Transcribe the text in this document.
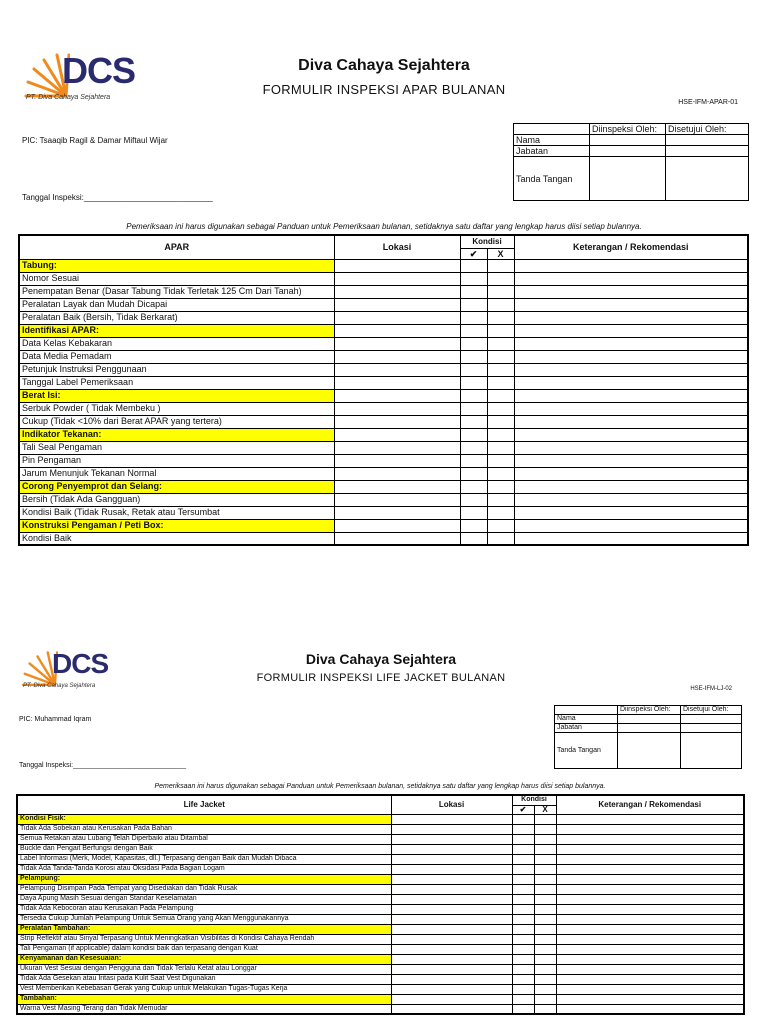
DCS
PT. Diva Cahaya Sejahtera
Diva Cahaya Sejahtera
FORMULIR INSPEKSI APAR BULANAN
HSE-IFM-APAR-01
PIC: Tsaaqib Ragil & Damar Miftaul Wijar
Tanggal Inspeksi:_____________________________
	Diinspeksi Oleh:	Disetujui Oleh:
Nama		
Jabatan		
Tanda Tangan		
Pemeriksaan ini harus digunakan sebagai Panduan untuk Pemeriksaan bulanan, setidaknya satu daftar yang lengkap harus diisi setiap bulannya.
APAR	Lokasi	Kondisi		Keterangan / Rekomendasi
		✔	X	
Tabung:				
Nomor Sesuai				
Penempatan Benar (Dasar Tabung Tidak Terletak 125 Cm Dari Tanah)				
Peralatan Layak dan Mudah Dicapai				
Peralatan Baik (Bersih, Tidak Berkarat)				
Identifikasi APAR:				
Data Kelas Kebakaran				
Data Media Pemadam				
Petunjuk Instruksi Penggunaan				
Tanggal Label Pemeriksaan				
Berat Isi:				
Serbuk Powder ( Tidak Membeku )				
Cukup (Tidak <10% dari Berat APAR yang tertera)				
Indikator Tekanan:				
Tali Seal Pengaman				
Pin Pengaman				
Jarum Menunjuk Tekanan Normal				
Corong Penyemprot dan Selang:				
Bersih (Tidak Ada Gangguan)				
Kondisi Baik (Tidak Rusak, Retak atau Tersumbat				
Konstruksi Pengaman / Peti Box:				
Kondisi Baik				
DCS
PT. Diva Cahaya Sejahtera
Diva Cahaya Sejahtera
FORMULIR INSPEKSI LIFE JACKET BULANAN
HSE-IFM-LJ-02
PIC: Muhammad Iqram
Tanggal Inspeksi:_____________________________
	Diinspeksi Oleh:	Disetujui Oleh:
Nama		
Jabatan		
Tanda Tangan		
Pemeriksaan ini harus digunakan sebagai Panduan untuk Pemeriksaan bulanan, setidaknya satu daftar yang lengkap harus diisi setiap bulannya.
Life Jacket	Lokasi	Kondisi		Keterangan / Rekomendasi
		✔	X	
Kondisi Fisik:				
Tidak Ada Sobekan atau Kerusakan Pada Bahan				
Semua Retakan atau Lubang Telah Diperbaiki atau Ditambal				
Buckle dan Pengait Berfungsi dengan Baik				
Label Informasi (Merk, Model, Kapasitas, dll.) Terpasang dengan Baik dan Mudah Dibaca				
Tidak Ada Tanda-Tanda Korosi atau Oksidasi Pada Bagian Logam				
Pelampung:				
Pelampung Disimpan Pada Tempat yang Disediakan dan Tidak Rusak				
Daya Apung Masih Sesuai dengan Standar Keselamatan				
Tidak Ada Kebocoran atau Kerusakan Pada Pelampung				
Tersedia Cukup Jumlah Pelampung Untuk Semua Orang yang Akan Menggunakannya				
Peralatan Tambahan:				
Strip Reflektif atau Sinyal Terpasang Untuk Meningkatkan Visibilitas di Kondisi Cahaya Rendah				
Tali Pengaman (if applicable) dalam kondisi baik dan terpasang dengan Kuat				
Kenyamanan dan Kesesuaian:				
Ukuran Vest Sesuai dengan Pengguna dan Tidak Terlalu Ketat atau Longgar				
Tidak Ada Gesekan atau Iritasi pada Kulit Saat Vest Digunakan				
Vest Memberikan Kebebasan Gerak yang Cukup untuk Melakukan Tugas-Tugas Kerja				
Tambahan:				
Warna Vest Masing Terang dan Tidak Memudar				
